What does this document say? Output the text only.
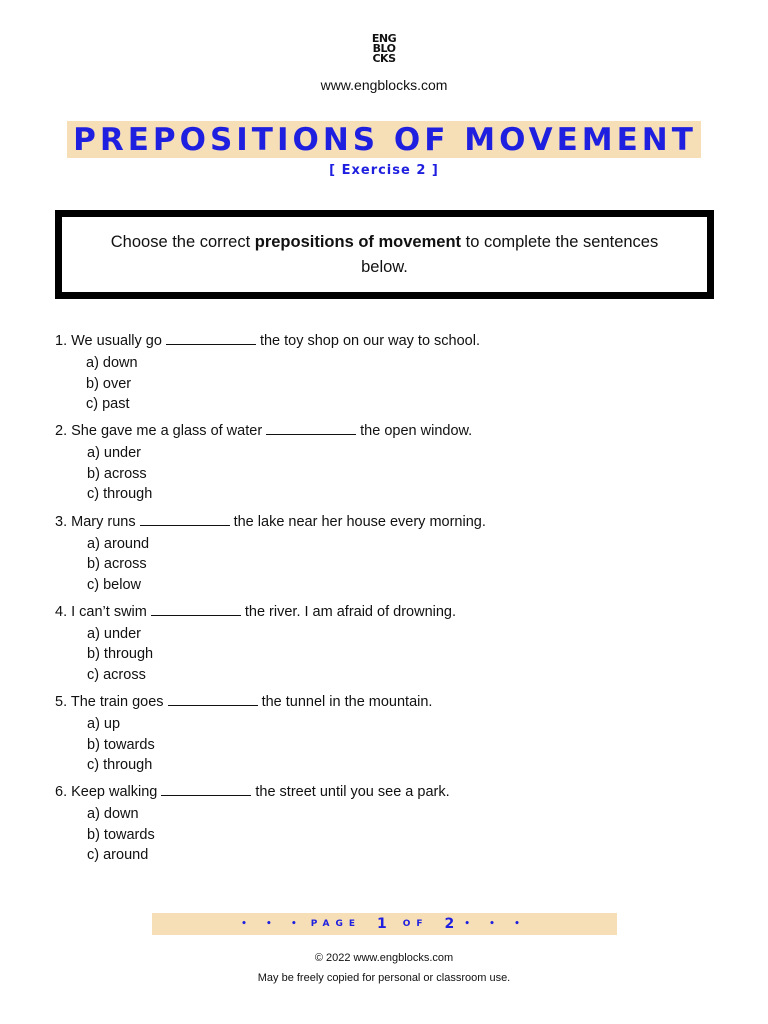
ENG
BLO
CKS
www.engblocks.com
PREPOSITIONS OF MOVEMENT
[ Exercise 2 ]
Choose the correct prepositions of movement to complete the sentences below.
1. We usually go	the toy shop on our way to school.
a) down
b) over
c) past
2. She gave me a glass of water	the open window.
a) under
b) across
c) through
3. Mary runs	the lake near her house every morning.
a) around
b) across
c) below
4. I can’t swim	the river. I am afraid of drowning.
a) under
b) through
c) across
5. The train goes	the tunnel in the mountain.
a) up
b) towards
c) through
6. Keep walking	the street until you see a park.
a) down
b) towards
c) around
• • • PAGE 1 OF 2 • • •
© 2022 www.engblocks.com
May be freely copied for personal or classroom use.
